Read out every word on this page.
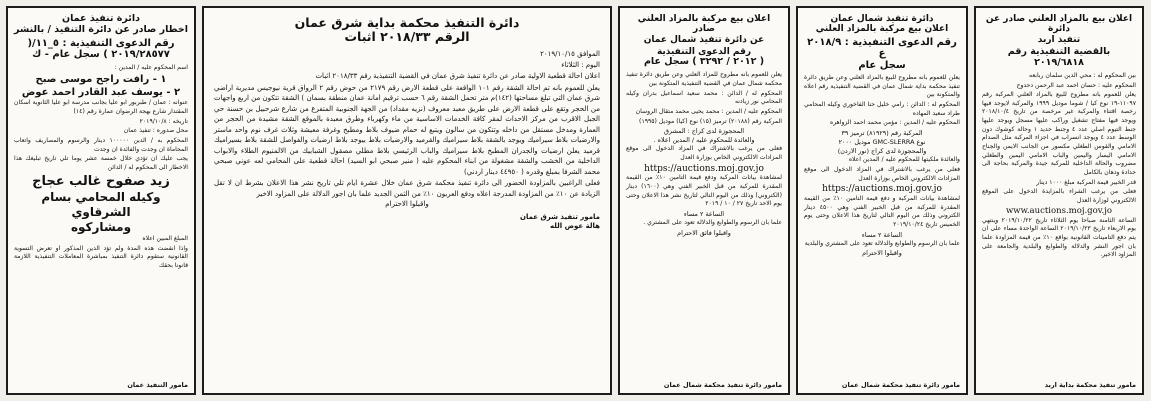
اعلان بيع بالمزاد العلني صادر عن دائرة
تنفيذ اربد
بالقضية التنفيذية رقم ٢٠١٩/٦٨١٨
بين المحكوم له : محي الدين سلمان ربابعه
المحكوم عليه : حسان احمد عبد الرحمن دحدوح
يعلن للعموم بانه مطروح للبيع بالمزاد العلني المركبة رقم ١١٠٩٧-١٩ نوع كيا / شوما موديل ١٩٩٩ والمركبة لايوجد فيها رخصة اقتناء والمركبة غير مرخصة من تاريخ ٢٠١٨/١٠/٤ ويوجد فيها مفتاح تشغيل وراكب عليها مسجل ويوجد عليها جنط التيوم اصلي عدد ٤ وجنط حديد ١ وحالة كوشوك دون الوسط عدد ٤ ويوجد انسراب في اجزاء المركبة مثل الصدام الامامي والقوس الطغلي مكسور من الجانب الايمن والجناح الامامي اليسار واليمين والباب الامامي اليمين والطغلي مضروب والحالة الداخلية للمركبة جيدة والمركبة بحاجة الى حدادة ودهان بالكامل
قدر الخبير قيمة المركبة مبلغ ١٠٠٠ دينار
فعلى من يرغب الشراء بالمزايدة الدخول على الموقع الالكتروني لوزارة العدل
www.auctions.moj.gov.jo
الساعة الثامنة صباحا يوم الثلاثاء تاريخ ٢٠١٩/١٠/٢٢ وينتهي يوم الاربعاء تاريخ ٢٠١٩/١٠/٢٣ الساعة الواحدة مساء على ان يتم دفع التامينات القانونية بواقع ١٠٪ من قيمة المزاودة علما بان اجور النشر والدلالة والطوابع والبلدية والجامعة على المزاود الاخير.
مامور تنفيذ محكمة بداية اربد
دائرة تنفيذ شمال عمان
اعلان بيع مركبة بالمزاد العلني
رقم الدعوى التنفيذية : ٢٠١٨/٩ ع
سجل عام
يعلن للعموم بانه مطروح للبيع بالمزاد العلني وعن طريق دائرة تنفيذ محكمة بداية شمال عمان في القضية التنفيذية رقم اعلاه والمتكونة بين
المحكوم له : الدائن : رامي خليل حنا الفاخوري وكيله المحامي طراد سعيد المهاده
المحكوم عليه / المدين : مؤمن محمد احمد الزواهره
المركبة رقم (٨١٩٢٩) ترميز ٣٩
نوع GMC-SLERRA موديل ٢٠٠٠
والمحجوزة لدى كراج (نور الاردن)
والعائدة ملكيتها للمحكوم عليه / المدين اعلاه
فعلى من يرغب بالاشتراك في المزاد الدخول الى موقع المزادات الالكتروني الخاص بوزارة العدل
https://auctions.moj.gov.jo
لمشاهدة بيانات المركبة و دفع قيمة التامين ١٠٪ من القيمة المقدرة للمركبة من قبل الخبير الفني وهي ٤٥٠٠ دينار الكتروني وذلك من اليوم التالي لتاريخ هذا الاعلان وحتى يوم الخميس تاريخ ٢٠١٩/١٠/٢٤
الساعة ٢ مساء
علما بان الرسوم والطوابع والدلالة تعود على المشتري والبلدية
واقبلوا الاحترام
مامور دائرة تنفيذ محكمة شمال عمان
اعلان بيع مركبة بالمزاد العلني صادر
عن دائرة تنفيذ شمال عمان
رقم الدعوى التنفيذية
( ٢٠١٢ / ٣٢٩٢ ) سجل عام
يعلن للعموم بانه مطروح للمزاد العلني وعن طريق دائرة تنفيذ محكمة شمال عمان في القضية التنفيذية المتكونة بين
المحكوم له / الدائن : محمد سعيد اسماعيل بدران وكيله المحامي نور زيادنه
المحكوم عليه / المدين : محمد يحيى محمد متقال الروسان
المركبة رقم (٢٠١٨٨) ترميز (١٥) نوع (كيا) موديل (١٩٩٥)
المحجوزة لدى كراج : المشرق
والعائدة للمحكوم عليه / المدين اعلاه .
فعلى من يرغب بالاشتراك في المزاد الدخول الى موقع المزادات الالكتروني الخاص بوزارة العدل
https://auctions.moj.gov.jo
لمشاهدة بيانات المركبة ودفع قيمة التامين ١٠٪ من القيمة المقدرة للمركبة من قبل الخبير الفني وهي (١٦٠٠) دينار (الكتروني) وذلك من اليوم التالي لتاريخ نشر هذا الاعلان وحتى يوم الاحد تاريخ ٢٧ / ١٠ / ٢٠١٩
الساعة ٢ مساء
علما بان الرسوم والطوابع والدلالة تعود على المشتري .
واقبلوا فائق الاحترام
مامور دائرة تنفيذ محكمة شمال عمان
دائرة التنفيذ محكمة بداية شرق عمان
الرقم ٢٠١٨/٣٣ اثبات
الموافق ٢٠١٩/١٠/١٥
اليوم : الثلاثاء
اعلان احالة قطعية الاولية صادر عن دائرة تنفيذ شرق عمان في القضية التنفيذية رقم ٢٠١٨/٣٣ اثبات
يعلن للعموم بانه تم احالة الشقة رقم ١٠١ الواقعة على قطعة الارض رقم ٢١٧٩ من حوض رقم ٢ الرواق قرية نيوجيس مديرية اراضي شرق عمان التي تبلغ مساحتها (١٤٢)م متر تحمل الشقة رقم ٦ حسب ترقيم امانة عمان منطقة بسمان ) الشقة تتكون من اربع واجهات من الحجر وتقع على قطعة الارض على طريق معبد معروف (نزيه مقداد) من الجهة الجنوبية المتفرع من شارع شرحبيل بن حسنة حي الجبل الاقرب من مركز الاحداث لمقر كافة الخدمات الاساسية من ماء وكهرباء وطرق معبدة بالموقع الشقة مشيدة من الحجر من العمارة ومدخل مستقل من داخله وتتكون من سالون ويتبع له حمام ضيوف بلاط ومطبخ وغرفة معيشة وثلاث غرف نوم واحد ماستر والارضيات بلاط سيراميك ويوجد بالشقة بلاط سيراميك والقرميد والارضيات بلاط بيوجد بلاط ارضيات والفواصل للشقة بلاط بسيراميك قرميد يعلن ارضيات والجدران المطبخ بلاط سيراميك والباب الرئيسي بلاط مطلي مصقول الشبابيك من الالمنيوم الطلاء والابواب الداخلية من الخشب والشقة مشغولة من ابناء المحكوم عليه ( منير صبحي ابو السيد) احالة قطعية على المحامي لعه عوني صبحي محمد الشرفا بمبلغ وقدره ( ٤٤٩٥٠ دينار اردني)
فعلى الراغبين بالمزاودة الحضور الى دائرة تنفيذ محكمة شرق عمان خلال عشرة ايام تلي تاريخ نشر هذا الاعلان بشرط ان لا تقل الزيادة عن ١٠٪ من المزاودة المدرجة اعلاه ودفع العربون ١٠٪ من الثمن الجديد علما بان اجور الدلالة على المزاود الاخير
واقبلوا الاحترام
مامور تنفيذ شرق عمان
هالة عوض الله
دائرة تنفيذ عمان
اخطار صادر عن دائرة التنفيذ / بالنشر
رقم الدعوى التنفيذية : ٥_١١/(
٢٠١٩/٢٨٥٧٧ ) سجل عام - ك
اسم المحكوم عليه / المدين :
١ - رافت راجح موسى صبح
٢ - يوسف عبد القادر احمد عوض
عنوانه : عمان / طبربور ابو عليا بجانب مدرسة ابو عليا الثانوية اسكان المقتدار شارع بهجة الرضوان عمارة رقم (١٤)
تاريخه : ٢٠١٩/١٠/٨
محل صدوره : تنفيذ عمان
المحكوم به / الدين ١٠٠٠٠٠ دينار والرسوم والمصاريف واتعاب المحاماة ان وجدت والفائدة ان وجدت
يجب عليك ان تؤدي خلال خمسة عشر يوما تلي تاريخ تبليغك هذا الاخطار الى المحكوم له / الدائن
زيد صفوح غالب عجاج
وكيله المحامي بسام الشرقاوي
ومشاركوه
المبلغ المبين اعلاه
واذا انقضت هذه المدة ولم تؤد الدين المذكور او تعرض التسوية القانونية ستقوم دائرة التنفيذ بمباشرة المعاملات التنفيذية اللازمة قانونا بحقك
مامور التنفيذ عمان
